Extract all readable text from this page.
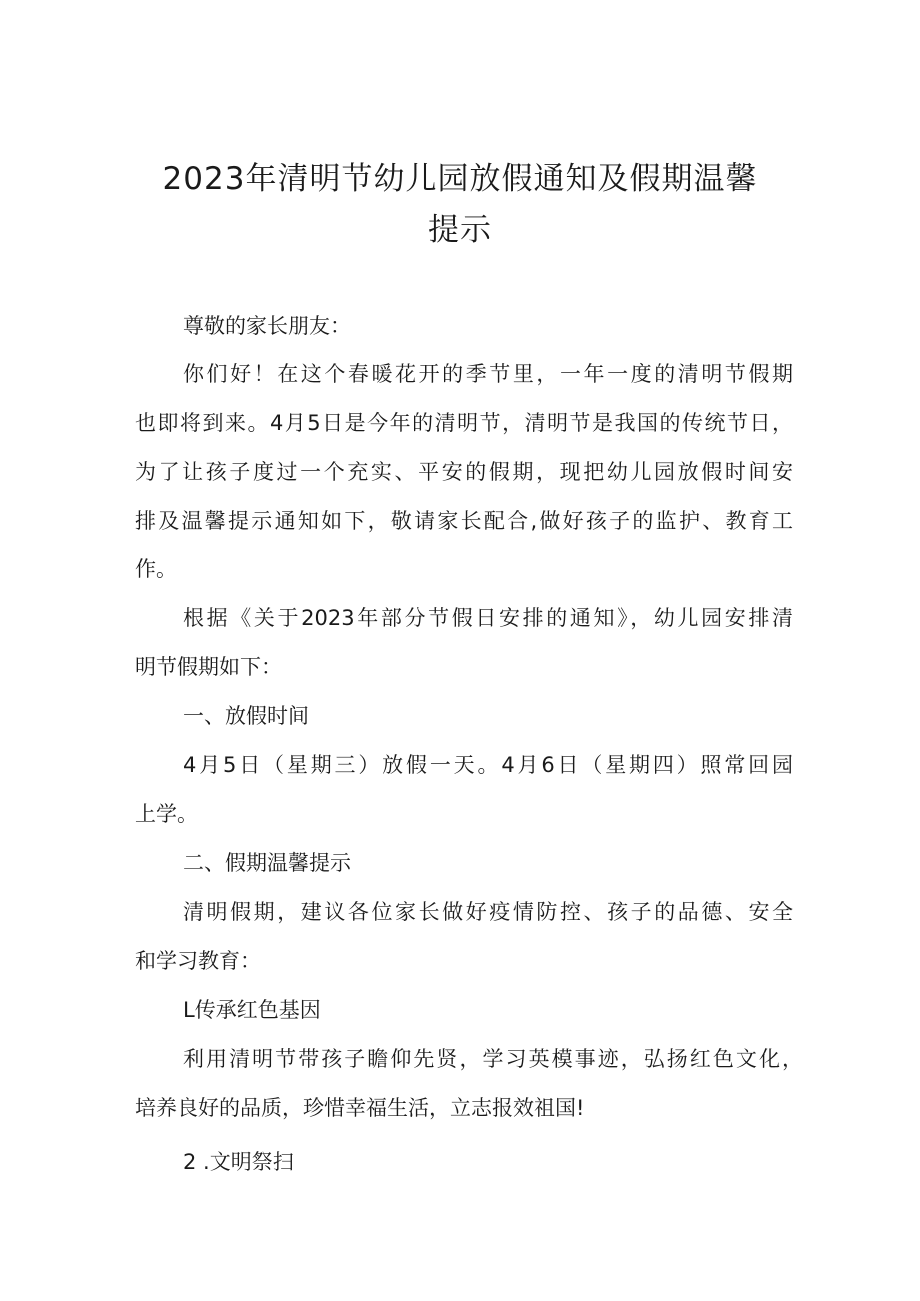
2023年清明节幼儿园放假通知及假期温馨
提示

尊敬的家长朋友：

你们好！在这个春暖花开的季节里，一年一度的清明节假期

也即将到来。4月5日是今年的清明节，清明节是我国的传统节日，

为了让孩子度过一个充实、平安的假期，现把幼儿园放假时间安

排及温馨提示通知如下，敬请家长配合,做好孩子的监护、教育工

作。

根据《关于2023年部分节假日安排的通知》，幼儿园安排清

明节假期如下：

一、放假时间

4月5日（星期三）放假一天。4月6日（星期四）照常回园

上学。

二、假期温馨提示

清明假期，建议各位家长做好疫情防控、孩子的品德、安全

和学习教育：

L传承红色基因

利用清明节带孩子瞻仰先贤，学习英模事迹，弘扬红色文化，

培养良好的品质，珍惜幸福生活，立志报效祖国!

2 .文明祭扫
